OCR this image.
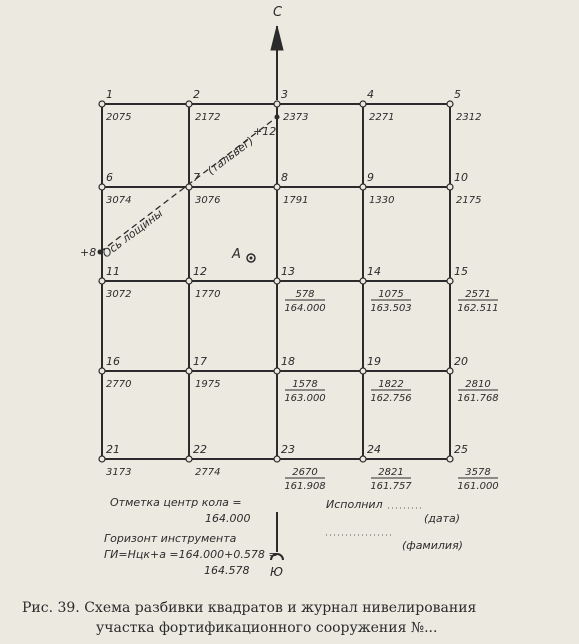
С
+8
+12
Ось лощины
(тальвег)
А
1
2075
2
2172
3
2373
4
2271
5
2312
6
3074
7
3076
8
1791
9
1330
10
2175
11
3072
12
1770
13
578
164.000
14
1075
163.503
15
2571
162.511
16
2770
17
1975
18
1578
163.000
19
1822
162.756
20
2810
161.768
21
3173
22
2774
23
2670
161.908
24
2821
161.757
25
3578
161.000
Ю
Отметка центр кола =
164.000
Горизонт инструмента
ГИ=Нцк+а =164.000+0.578 =
164.578
Исполнил
(дата)
(фамилия)
Рис. 39. Схема разбивки квадратов и журнал нивелирования
участка фортификационного сооружения №...
